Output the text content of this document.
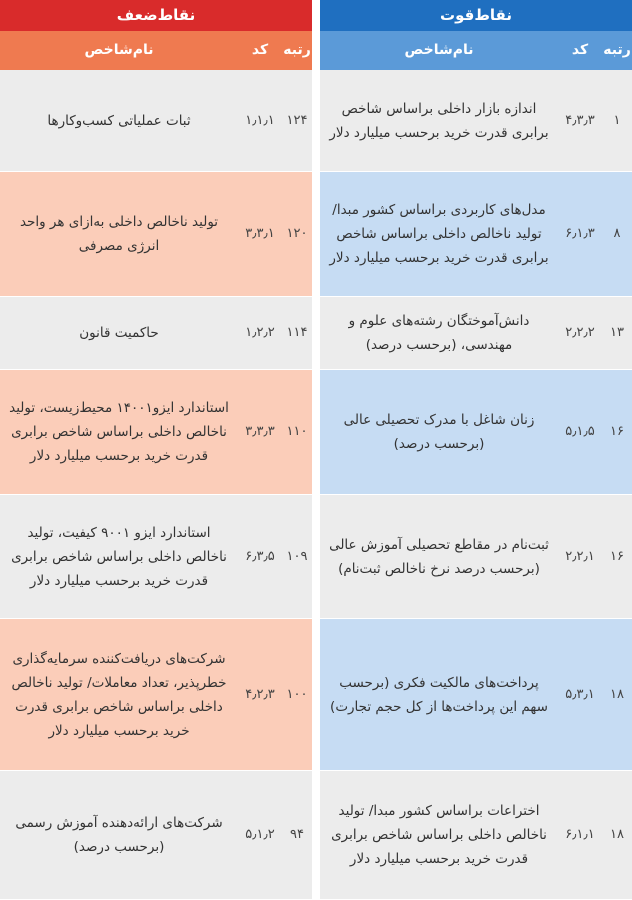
نقاط‌قوت
رتبه
کد
نام‌شاخص
۱
۴٫۳٫۳
اندازه بازار داخلی براساس شاخص برابری قدرت خرید برحسب میلیارد دلار
۸
۶٫۱٫۳
مدل‌های کاربردی براساس کشور مبدا/ تولید ناخالص داخلی براساس شاخص برابری قدرت خرید برحسب میلیارد دلار
۱۳
۲٫۲٫۲
دانش‌آموختگان رشته‌های علوم و مهندسی، (برحسب درصد)
۱۶
۵٫۱٫۵
زنان شاغل با مدرک تحصیلی عالی (برحسب درصد)
۱۶
۲٫۲٫۱
ثبت‌نام در مقاطع تحصیلی آموزش عالی (برحسب درصد نرخ ناخالص ثبت‌نام)
۱۸
۵٫۳٫۱
پرداخت‌های مالکیت فکری (برحسب سهم این پرداخت‌ها از کل حجم تجارت)
۱۸
۶٫۱٫۱
اختراعات براساس کشور مبدا/ تولید ناخالص داخلی براساس شاخص برابری قدرت خرید برحسب میلیارد دلار
نقاط‌ضعف
رتبه
کد
نام‌شاخص
۱۲۴
۱٫۱٫۱
ثبات عملیاتی کسب‌وکارها
۱۲۰
۳٫۳٫۱
تولید ناخالص داخلی به‌ازای هر واحد انرژی مصرفی
۱۱۴
۱٫۲٫۲
حاکمیت قانون
۱۱۰
۳٫۳٫۳
استاندارد ایزو۱۴۰۰۱ محیط‌زیست، تولید ناخالص داخلی براساس شاخص برابری قدرت خرید برحسب میلیارد دلار
۱۰۹
۶٫۳٫۵
استاندارد ایزو ۹۰۰۱ کیفیت، تولید ناخالص داخلی براساس شاخص برابری قدرت خرید برحسب میلیارد دلار
۱۰۰
۴٫۲٫۳
شرکت‌های دریافت‌کننده سرمایه‌گذاری خطرپذیر، تعداد معاملات/ تولید ناخالص داخلی براساس شاخص برابری قدرت خرید برحسب میلیارد دلار
۹۴
۵٫۱٫۲
شرکت‌های ارائه‌دهنده آموزش رسمی (برحسب درصد)
